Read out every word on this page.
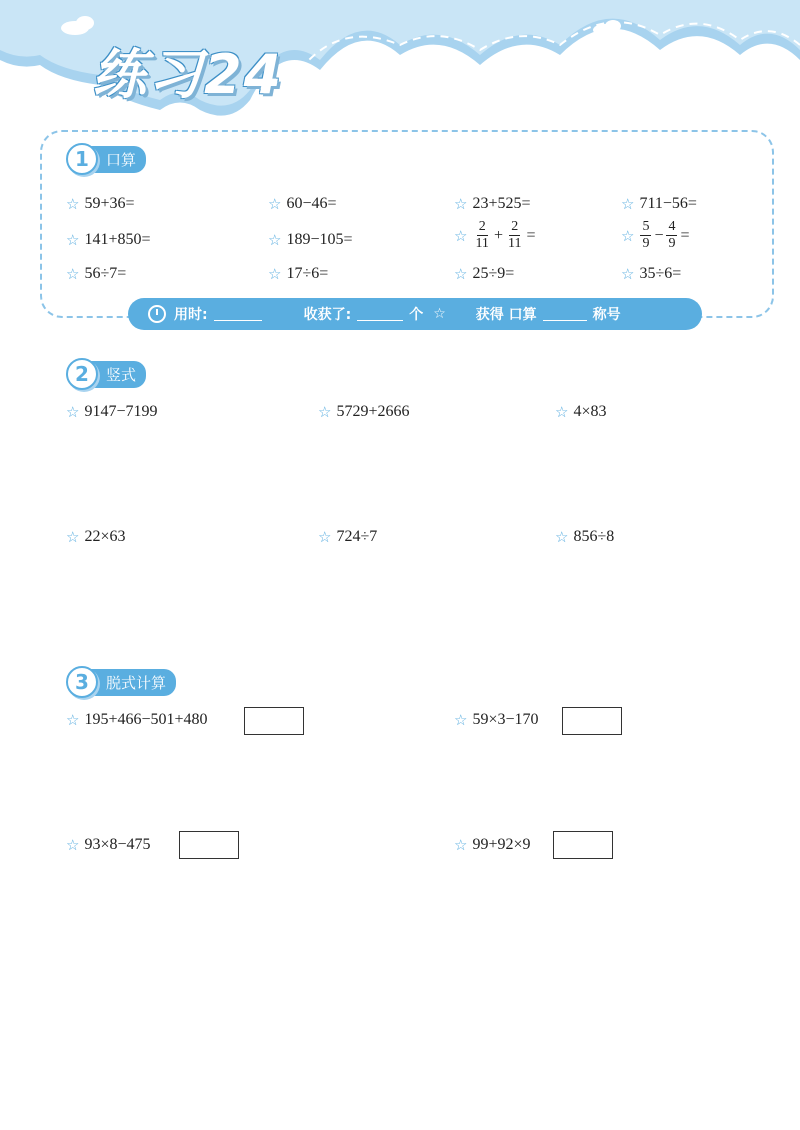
练习24
1	口算
☆ 59+36=	☆ 60−46=	☆ 23+525=	☆ 711−56=
☆ 141+850=	☆ 189−105=	☆ $\frac{2}{11} + \frac{2}{11}$ =	☆ $\frac{5}{9} - \frac{4}{9}$ =
☆ 56÷7=	☆ 17÷6=	☆ 25÷9=	☆ 35÷6=
用时:	收获了:	个 ☆ 获得 口算	称号
2	竖式
☆ 9147−7199	☆ 5729+2666	☆ 4×83
☆ 22×63	☆ 724÷7	☆ 856÷8
3	脱式计算
☆ 195+466−501+480	☆ 59×3−170
☆ 93×8−475	☆ 99+92×9
